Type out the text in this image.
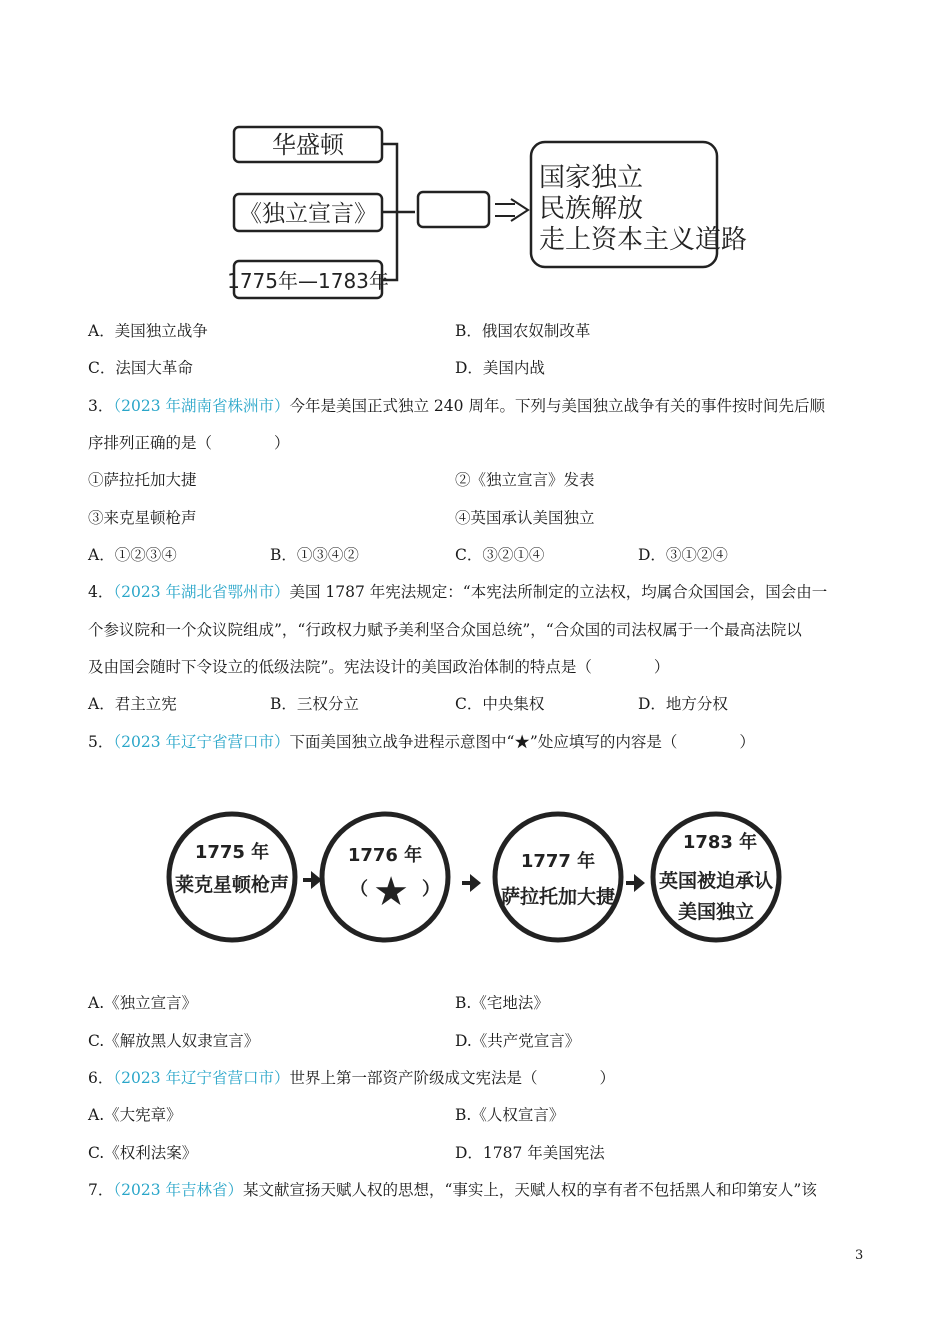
华盛顿
《独立宣言》
1775年—1783年
国家独立
民族解放
走上资本主义道路
A．美国独立战争	B．俄国农奴制改革
C．法国大革命	D．美国内战
3．（2023 年湖南省株洲市）今年是美国正式独立 240 周年。下列与美国独立战争有关的事件按时间先后顺
序排列正确的是（　　　　）
①萨拉托加大捷	②《独立宣言》发表
③来克星顿枪声	④英国承认美国独立
A．①②③④	B．①③④②	C．③②①④	D．③①②④
4．（2023 年湖北省鄂州市）美国 1787 年宪法规定：“本宪法所制定的立法权，均属合众国国会，国会由一
个参议院和一个众议院组成”，“行政权力赋予美利坚合众国总统”，“合众国的司法权属于一个最高法院以
及由国会随时下令设立的低级法院”。宪法设计的美国政治体制的特点是（　　　　）
A．君主立宪	B．三权分立	C．中央集权	D．地方分权
5．（2023 年辽宁省营口市）下面美国独立战争进程示意图中“★”处应填写的内容是（　　　　）
1775 年
莱克星顿枪声
1776 年
（ ★ ）
1777 年
萨拉托加大捷
1783 年
英国被迫承认
美国独立
A.《独立宣言》	B.《宅地法》
C.《解放黑人奴隶宣言》	D.《共产党宣言》
6．（2023 年辽宁省营口市）世界上第一部资产阶级成文宪法是（　　　　）
A.《大宪章》	B.《人权宣言》
C.《权利法案》	D．1787 年美国宪法
7．（2023 年吉林省）某文献宣扬天赋人权的思想，“事实上，天赋人权的享有者不包括黑人和印第安人”该
3
